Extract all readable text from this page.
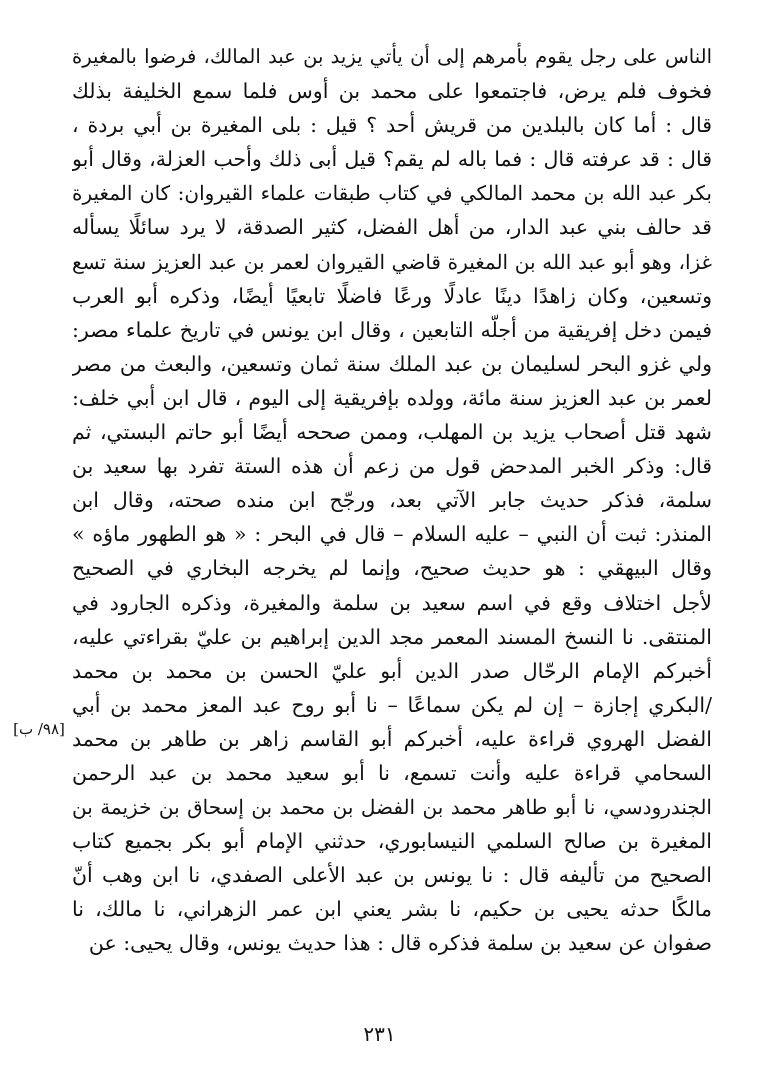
الناس على رجل يقوم بأمرهم إلى أن يأتي يزيد بن عبد المالك، فرضوا بالمغيرة
فخوف فلم يرض، فاجتمعوا على محمد بن أوس فلما سمع الخليفة بذلك
قال : أما كان بالبلدين من قريش أحد ؟ قيل : بلى المغيرة بن أبي بردة ،
قال : قد عرفته قال : فما باله لم يقم؟ قيل أبى ذلك وأحب العزلة، وقال أبو
بكر عبد الله بن محمد المالكي في كتاب طبقات علماء القيروان: كان المغيرة
قد حالف بني عبد الدار، من أهل الفضل، كثير الصدقة، لا يرد سائلًا يسأله
غزا، وهو أبو عبد الله بن المغيرة قاضي القيروان لعمر بن عبد العزيز سنة تسع
وتسعين، وكان زاهدًا دينًا عادلًا ورعًا فاضلًا تابعيًا أيضًا، وذكره أبو العرب
فيمن دخل إفريقية من أجلّه التابعين ، وقال ابن يونس في تاريخ علماء مصر:
ولي غزو البحر لسليمان بن عبد الملك سنة ثمان وتسعين، والبعث من مصر
لعمر بن عبد العزيز سنة مائة، وولده بإفريقية إلى اليوم ، قال ابن أبي خلف:
شهد قتل أصحاب يزيد بن المهلب، وممن صححه أيضًا أبو حاتم البستي، ثم
قال: وذكر الخبر المدحض قول من زعم أن هذه الستة تفرد بها سعيد بن
سلمة، فذكر حديث جابر الآتي بعد، ورجّح ابن منده صحته، وقال ابن
المنذر: ثبت أن النبي – عليه السلام – قال في البحر : « هو الطهور ماؤه »
وقال البيهقي : هو حديث صحيح، وإنما لم يخرجه البخاري في الصحيح
لأجل اختلاف وقع في اسم سعيد بن سلمة والمغيرة، وذكره الجارود في
المنتقى. نا النسخ المسند المعمر مجد الدين إبراهيم بن عليّ بقراءتي عليه،
أخبركم الإمام الرحّال صدر الدين أبو عليّ الحسن بن محمد بن محمد
/البكري إجازة – إن لم يكن سماعًا – نا أبو روح عبد المعز محمد بن أبي
الفضل الهروي قراءة عليه، أخبركم أبو القاسم زاهر بن طاهر بن محمد
السحامي قراءة عليه وأنت تسمع، نا أبو سعيد محمد بن عبد الرحمن
الجندرودسي، نا أبو طاهر محمد بن الفضل بن محمد بن إسحاق بن خزيمة بن
المغيرة بن صالح السلمي النيسابوري، حدثني الإمام أبو بكر بجميع كتاب
الصحيح من تأليفه قال : نا يونس بن عبد الأعلى الصفدي، نا ابن وهب أنّ
مالكًا حدثه يحيى بن حكيم، نا بشر يعني ابن عمر الزهراني، نا مالك، نا
صفوان عن سعيد بن سلمة فذكره قال : هذا حديث يونس، وقال يحيى: عن
[٩٨/ ب]
٢٣١
